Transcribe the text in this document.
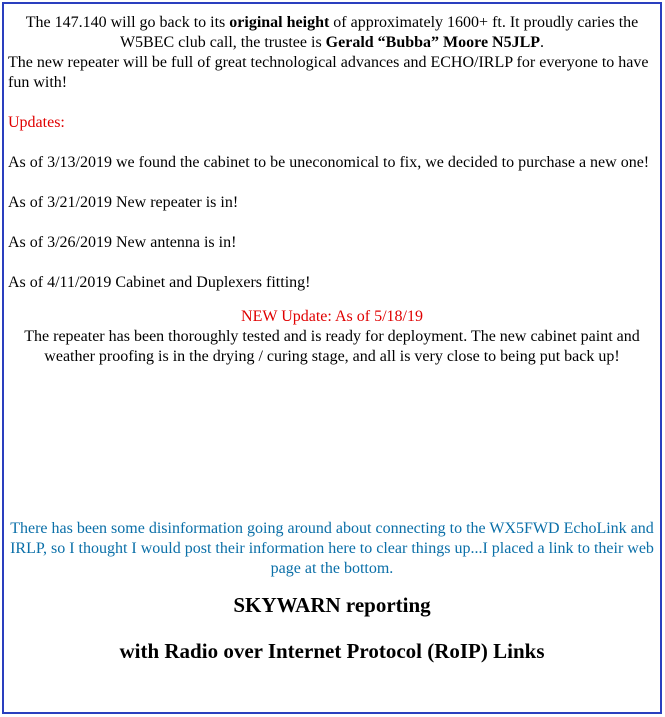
The 147.140 will go back to its original height of approximately 1600+ ft. It proudly caries the W5BEC club call, the trustee is Gerald “Bubba” Moore N5JLP.

The new repeater will be full of great technological advances and ECHO/IRLP for everyone to have fun with!

Updates:

As of 3/13/2019 we found the cabinet to be uneconomical to fix, we decided to purchase a new one!

As of 3/21/2019 New repeater is in!

As of 3/26/2019 New antenna is in!

As of 4/11/2019 Cabinet and Duplexers fitting!

NEW Update: As of 5/18/19

The repeater has been thoroughly tested and is ready for deployment. The new cabinet paint and weather proofing is in the drying / curing stage, and all is very close to being put back up!

There has been some disinformation going around about connecting to the WX5FWD EchoLink and IRLP, so I thought I would post their information here to clear things up...I placed a link to their web page at the bottom.

SKYWARN reporting

with Radio over Internet Protocol (RoIP) Links
